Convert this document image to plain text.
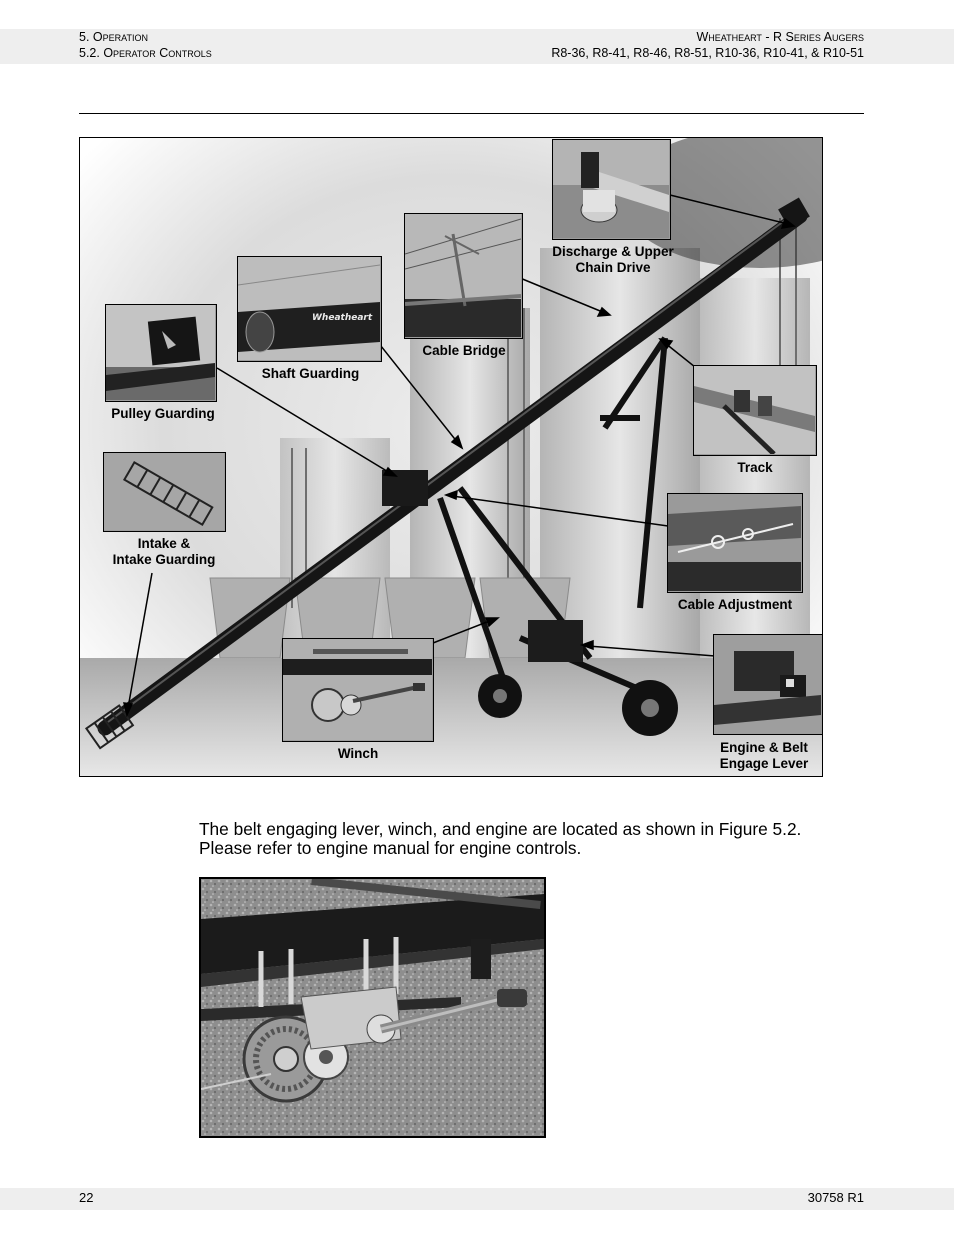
5. Operation
5.2. Operator Controls
Wheatheart - R Series Augers
R8-36, R8-41, R8-46, R8-51, R10-36, R10-41, & R10-51
Discharge & Upper
Chain Drive
Cable Bridge
Wheatheart
Shaft Guarding
Pulley Guarding
Track
Intake &
Intake Guarding
Cable Adjustment
Winch	Engine & Belt
Engage Lever
The belt engaging lever, winch, and engine are located as shown in Figure 5.2.
Please refer to engine manual for engine controls.
22	30758 R1
